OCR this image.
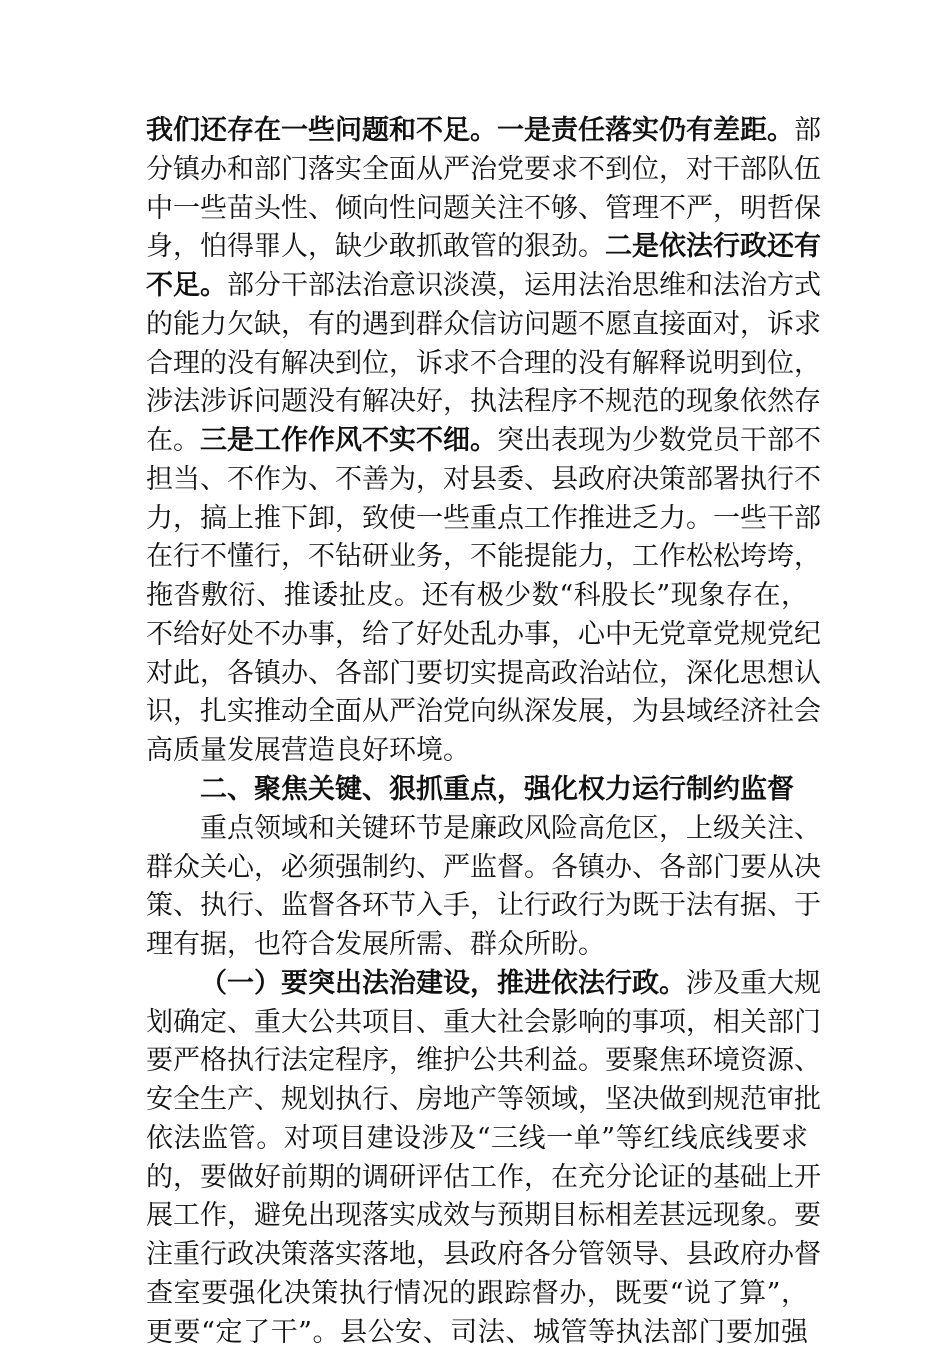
我们还存在一些问题和不足。一是责任落实仍有差距。部
分镇办和部门落实全面从严治党要求不到位，对干部队伍
中一些苗头性、倾向性问题关注不够、管理不严，明哲保
身，怕得罪人，缺少敢抓敢管的狠劲。二是依法行政还有
不足。部分干部法治意识淡漠，运用法治思维和法治方式
的能力欠缺，有的遇到群众信访问题不愿直接面对，诉求
合理的没有解决到位，诉求不合理的没有解释说明到位，
涉法涉诉问题没有解决好，执法程序不规范的现象依然存
在。三是工作作风不实不细。突出表现为少数党员干部不
担当、不作为、不善为，对县委、县政府决策部署执行不
力，搞上推下卸，致使一些重点工作推进乏力。一些干部
在行不懂行，不钻研业务，不能提能力，工作松松垮垮，
拖沓敷衍、推诿扯皮。还有极少数“科股长”现象存在，
不给好处不办事，给了好处乱办事，心中无党章党规党纪
对此，各镇办、各部门要切实提高政治站位，深化思想认
识，扎实推动全面从严治党向纵深发展，为县域经济社会
高质量发展营造良好环境。
二、聚焦关键、狠抓重点，强化权力运行制约监督
重点领域和关键环节是廉政风险高危区，上级关注、
群众关心，必须强制约、严监督。各镇办、各部门要从决
策、执行、监督各环节入手，让行政行为既于法有据、于
理有据，也符合发展所需、群众所盼。
（一）要突出法治建设，推进依法行政。涉及重大规
划确定、重大公共项目、重大社会影响的事项，相关部门
要严格执行法定程序，维护公共利益。要聚焦环境资源、
安全生产、规划执行、房地产等领域，坚决做到规范审批
依法监管。对项目建设涉及“三线一单”等红线底线要求
的，要做好前期的调研评估工作，在充分论证的基础上开
展工作，避免出现落实成效与预期目标相差甚远现象。要
注重行政决策落实落地，县政府各分管领导、县政府办督
查室要强化决策执行情况的跟踪督办，既要“说了算”，
更要“定了干”。县公安、司法、城管等执法部门要加强
